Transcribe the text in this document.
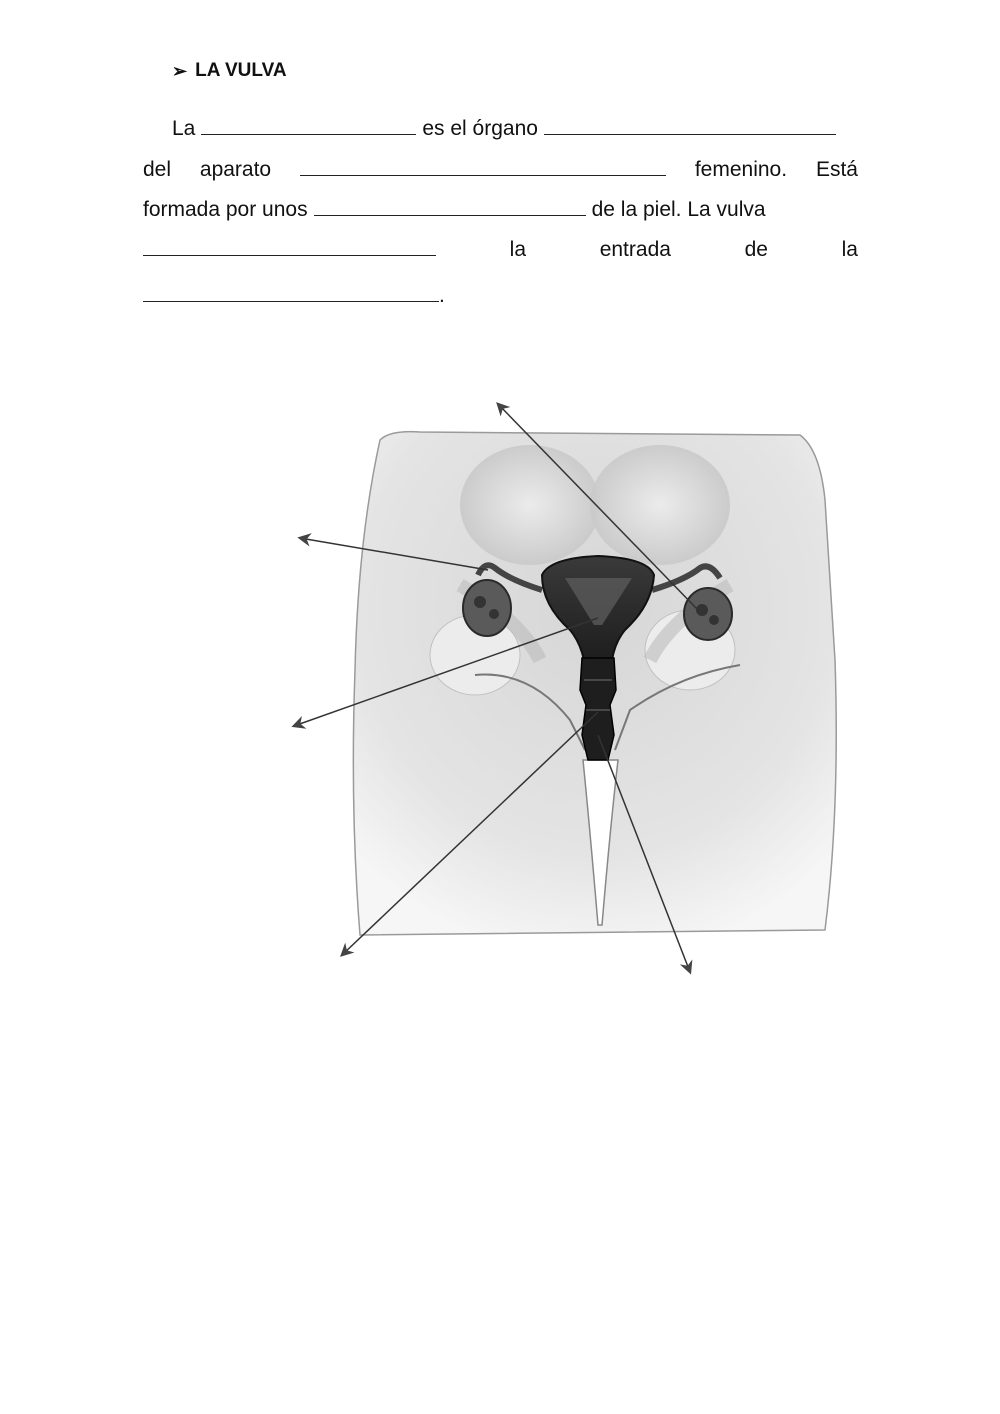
➢ LA VULVA
La	es el órgano
del aparato	femenino. Está
formada por unos	de la piel. La vulva
la	entrada	de	la
.
